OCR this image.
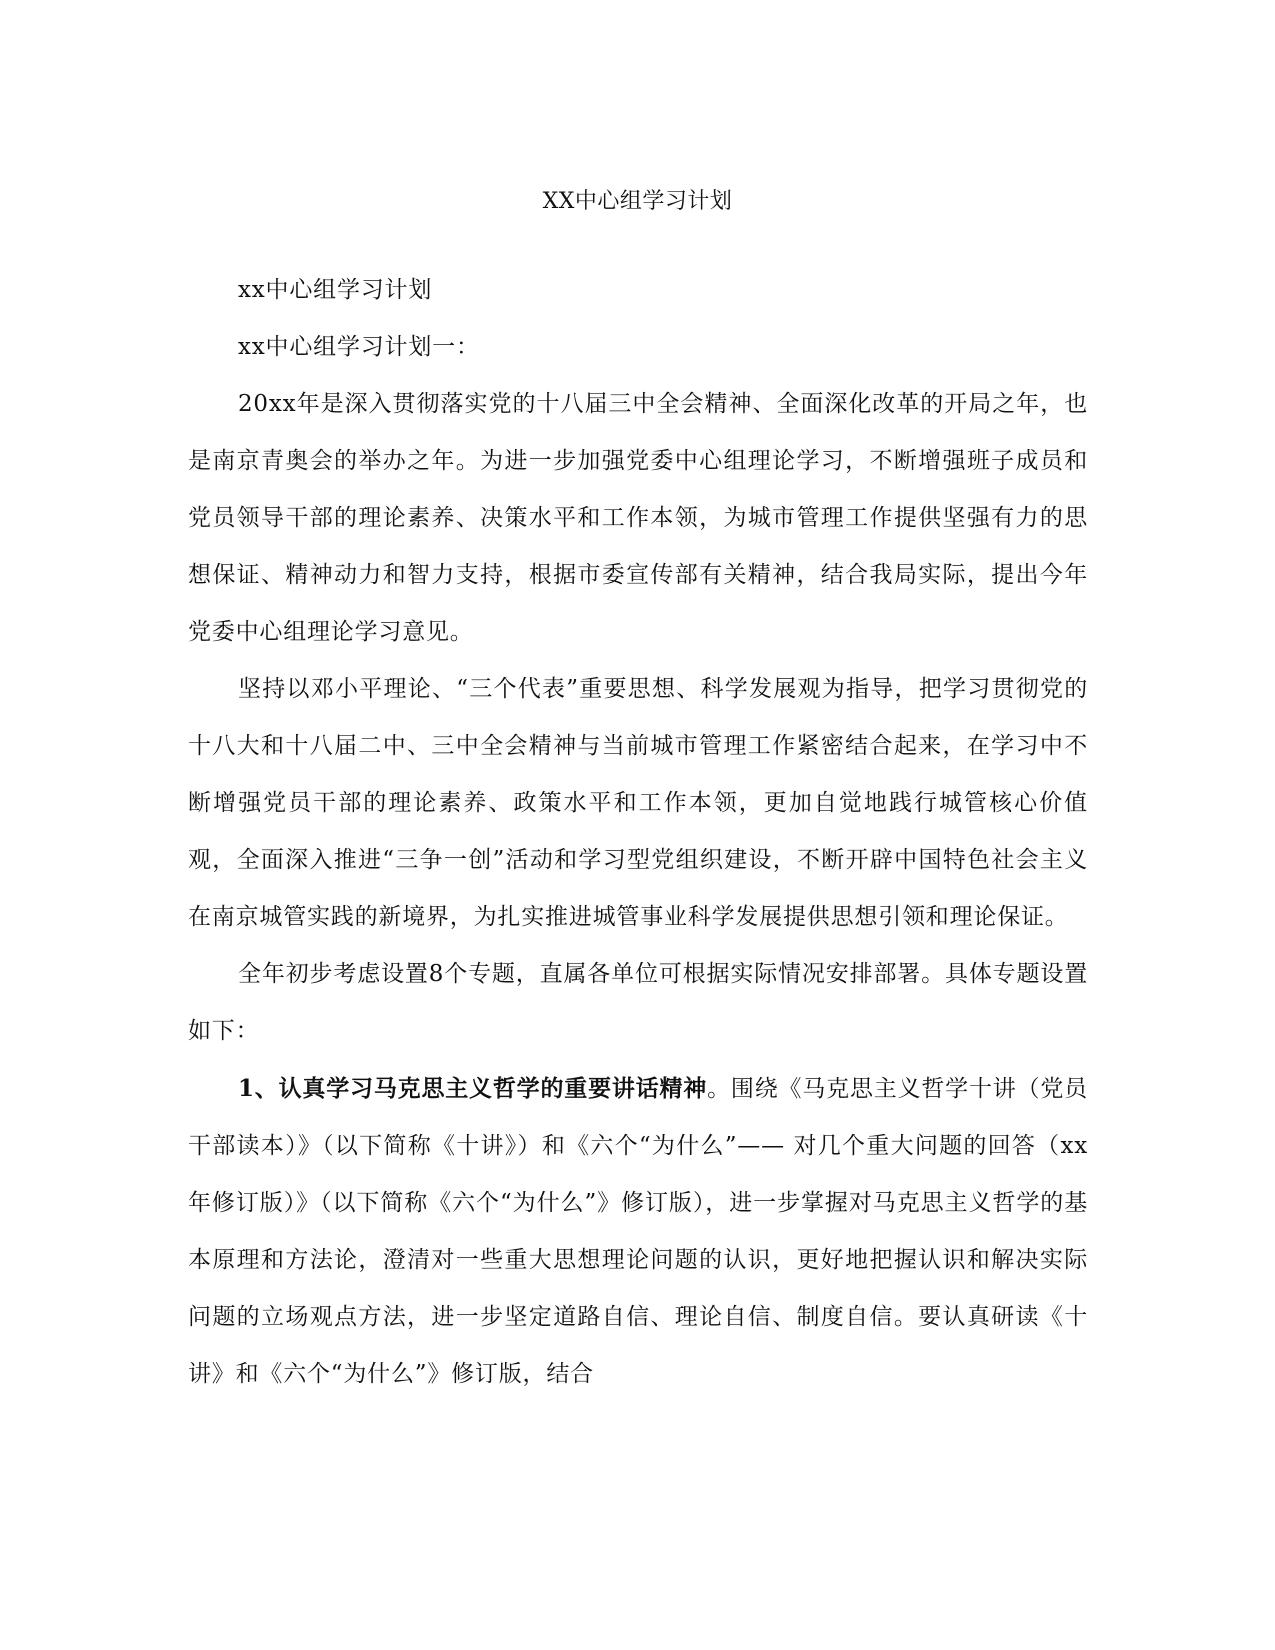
XX中心组学习计划

xx中心组学习计划

xx中心组学习计划一：

20xx年是深入贯彻落实党的十八届三中全会精神、全面深化改革的开局之年，也是南京青奥会的举办之年。为进一步加强党委中心组理论学习，不断增强班子成员和党员领导干部的理论素养、决策水平和工作本领，为城市管理工作提供坚强有力的思想保证、精神动力和智力支持，根据市委宣传部有关精神，结合我局实际，提出今年党委中心组理论学习意见。

坚持以邓小平理论、“三个代表”重要思想、科学发展观为指导，把学习贯彻党的十八大和十八届二中、三中全会精神与当前城市管理工作紧密结合起来，在学习中不断增强党员干部的理论素养、政策水平和工作本领，更加自觉地践行城管核心价值观，全面深入推进“三争一创”活动和学习型党组织建设，不断开辟中国特色社会主义在南京城管实践的新境界，为扎实推进城管事业科学发展提供思想引领和理论保证。

全年初步考虑设置8个专题，直属各单位可根据实际情况安排部署。具体专题设置如下：

1、认真学习马克思主义哲学的重要讲话精神。围绕《马克思主义哲学十讲（党员干部读本）》（以下简称《十讲》）和《六个“为什么”—— 对几个重大问题的回答（xx年修订版）》（以下简称《六个“为什么”》修订版），进一步掌握对马克思主义哲学的基本原理和方法论，澄清对一些重大思想理论问题的认识，更好地把握认识和解决实际问题的立场观点方法，进一步坚定道路自信、理论自信、制度自信。要认真研读《十讲》和《六个“为什么”》修订版，结合
